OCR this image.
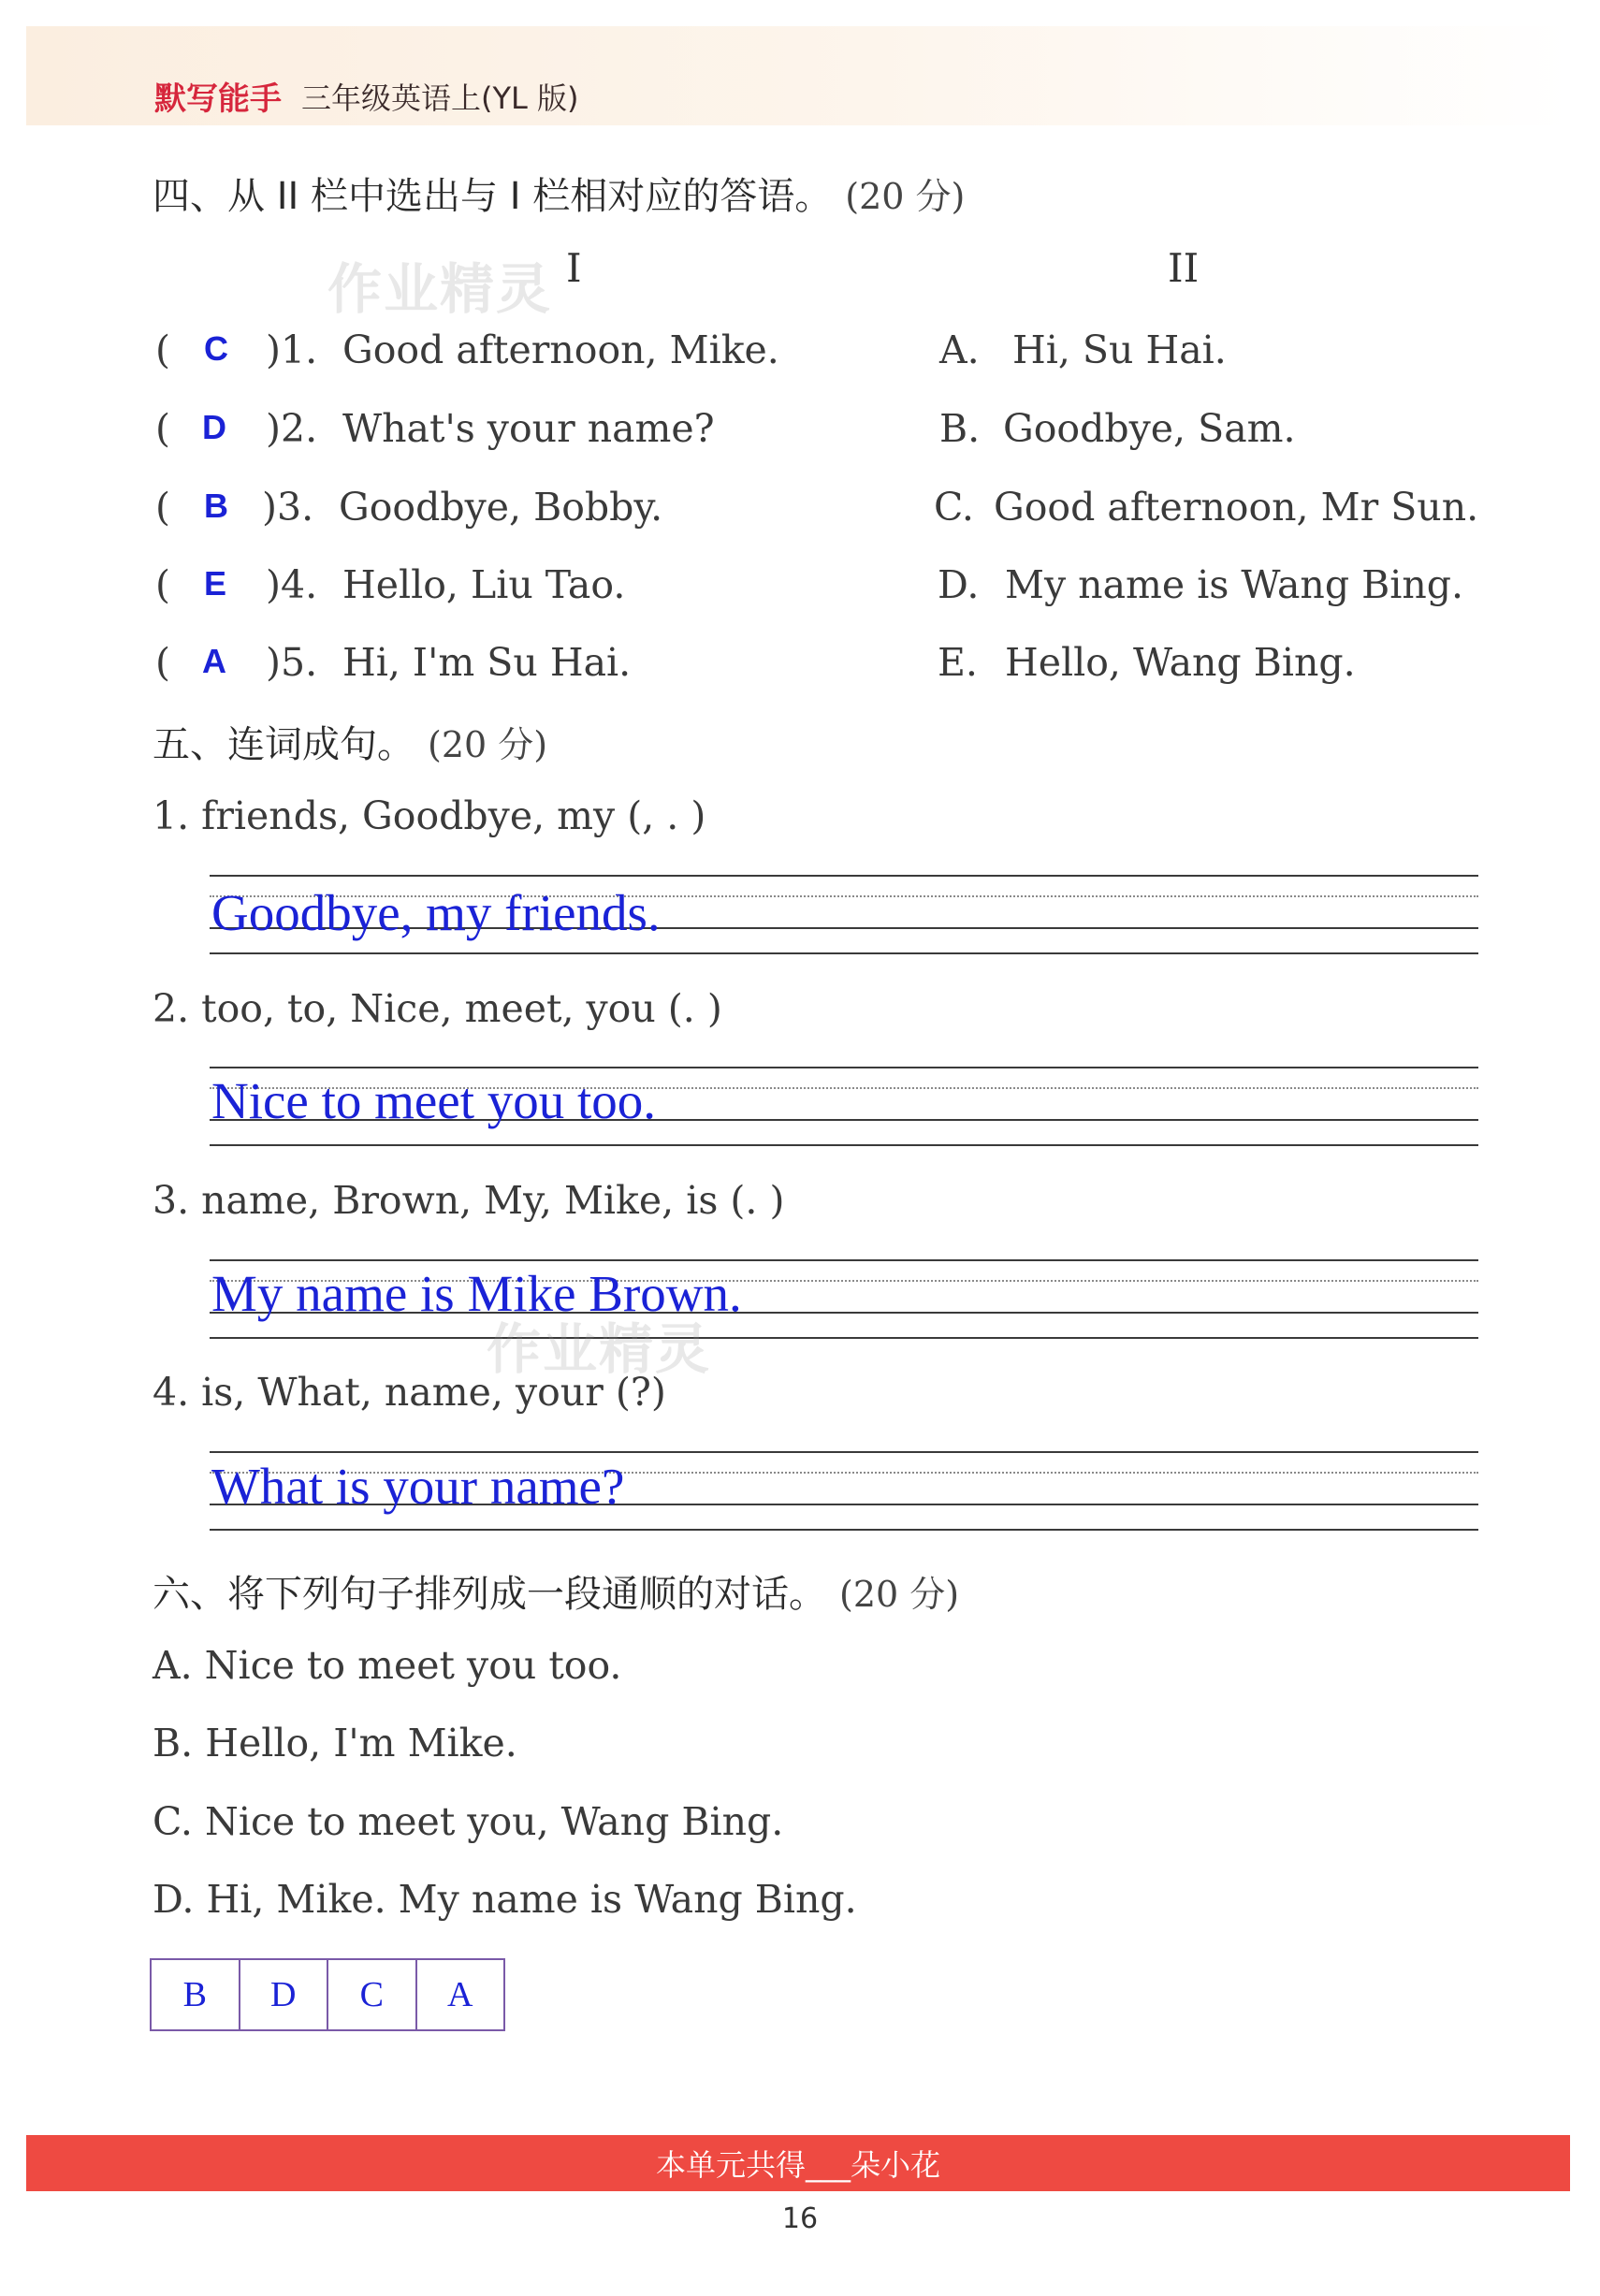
默写能手 三年级英语上(YL 版)
四、从 II 栏中选出与 I 栏相对应的答语。 (20 分)
作业精灵 I	II
( C )1. Good afternoon, Mike.	A. Hi, Su Hai.
( D )2. What's your name?	B. Goodbye, Sam.
( B )3. Goodbye, Bobby.	C. Good afternoon, Mr Sun.
( E )4. Hello, Liu Tao.	D. My name is Wang Bing.
( A )5. Hi, I'm Su Hai.	E. Hello, Wang Bing.
五、连词成句。 (20 分)
1. friends, Goodbye, my (, . )
Goodbye, my friends.
2. too, to, Nice, meet, you (. )
Nice to meet you too.
3. name, Brown, My, Mike, is (. )
My name is Mike Brown.
作业精灵
4. is, What, name, your (?)
What is your name?
六、将下列句子排列成一段通顺的对话。 (20 分)
A. Nice to meet you too.
B. Hello, I'm Mike.
C. Nice to meet you, Wang Bing.
D. Hi, Mike. My name is Wang Bing.
B	D	C	A
本单元共得___朵小花
16
